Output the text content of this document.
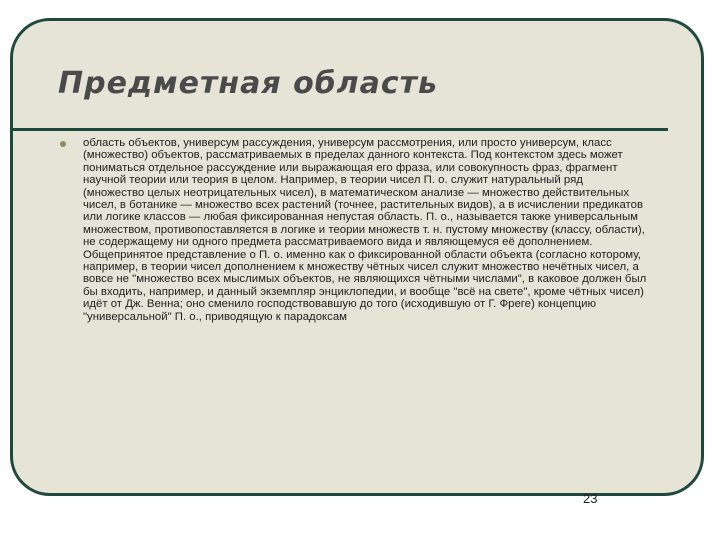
Предметная область

область объектов, универсум рассуждения, универсум рассмотрения, или просто универсум, класс (множество) объектов, рассматриваемых в пределах данного контекста. Под контекстом здесь может пониматься отдельное рассуждение или выражающая его фраза, или совокупность фраз, фрагмент научной теории или теория в целом. Например, в теории чисел П. о. служит натуральный ряд (множество целых неотрицательных чисел), в математическом анализе — множество действительных чисел, в ботанике — множество всех растений (точнее, растительных видов), а в исчислении предикатов или логике классов — любая фиксированная непустая область. П. о., называется также универсальным множеством, противопоставляется в логике и теории множеств т. н. пустому множеству (классу, области), не содержащему ни одного предмета рассматриваемого вида и являющемуся её дополнением. Общепринятое представление о П. о. именно как о фиксированной области объекта (согласно которому, например, в теории чисел дополнением к множеству чётных чисел служит множество нечётных чисел, а вовсе не "множество всех мыслимых объектов, не являющихся чётными числами", в каковое должен был бы входить, например, и данный экземпляр энциклопедии, и вообще "всё на свете", кроме чётных чисел) идёт от Дж. Венна; оно сменило господствовавшую до того (исходившую от Г. Фреге) концепцию "универсальной" П. о., приводящую к парадоксам

23
